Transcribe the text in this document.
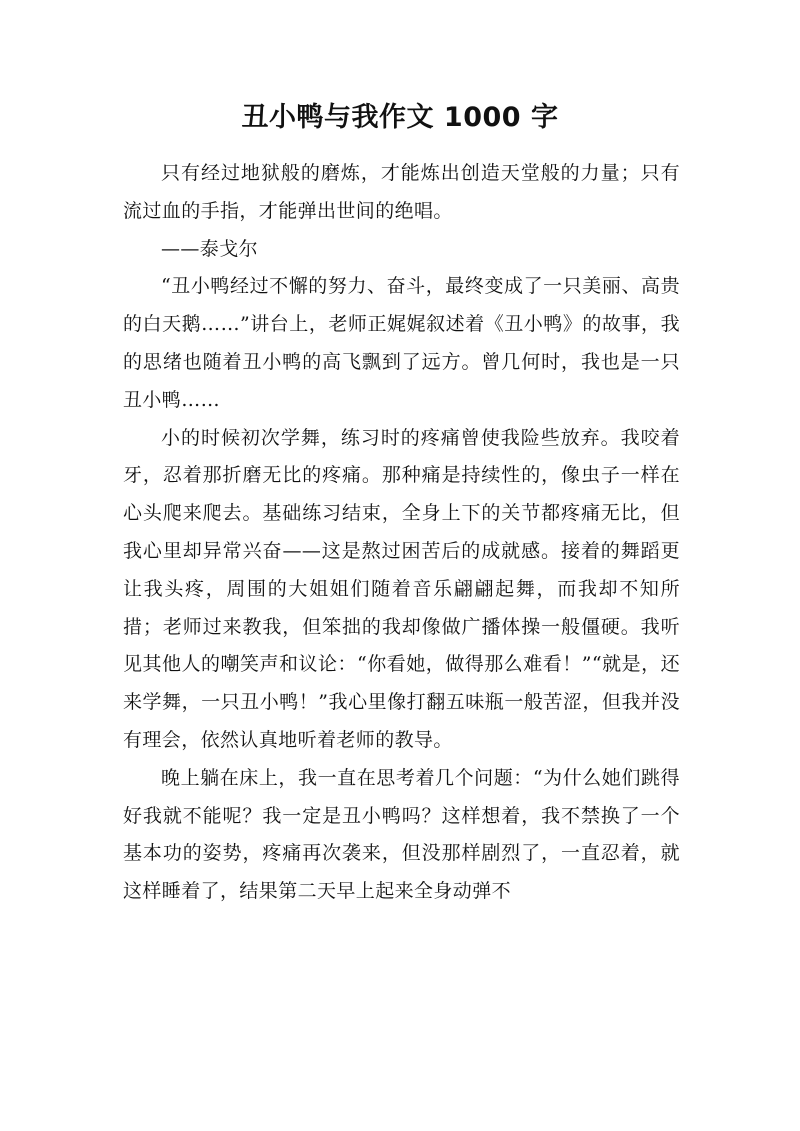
丑小鸭与我作文 1000 字

只有经过地狱般的磨炼，才能炼出创造天堂般的力量；只有流过血的手指，才能弹出世间的绝唱。

——泰戈尔

“丑小鸭经过不懈的努力、奋斗，最终变成了一只美丽、高贵的白天鹅……”讲台上，老师正娓娓叙述着《丑小鸭》的故事，我的思绪也随着丑小鸭的高飞飘到了远方。曾几何时，我也是一只丑小鸭……

小的时候初次学舞，练习时的疼痛曾使我险些放弃。我咬着牙，忍着那折磨无比的疼痛。那种痛是持续性的，像虫子一样在心头爬来爬去。基础练习结束，全身上下的关节都疼痛无比，但我心里却异常兴奋——这是熬过困苦后的成就感。接着的舞蹈更让我头疼，周围的大姐姐们随着音乐翩翩起舞，而我却不知所措；老师过来教我，但笨拙的我却像做广播体操一般僵硬。我听见其他人的嘲笑声和议论：“你看她，做得那么难看！”“就是，还来学舞，一只丑小鸭！”我心里像打翻五味瓶一般苦涩，但我并没有理会，依然认真地听着老师的教导。

晚上躺在床上，我一直在思考着几个问题：“为什么她们跳得好我就不能呢？我一定是丑小鸭吗？这样想着，我不禁换了一个基本功的姿势，疼痛再次袭来，但没那样剧烈了，一直忍着，就这样睡着了，结果第二天早上起来全身动弹不
